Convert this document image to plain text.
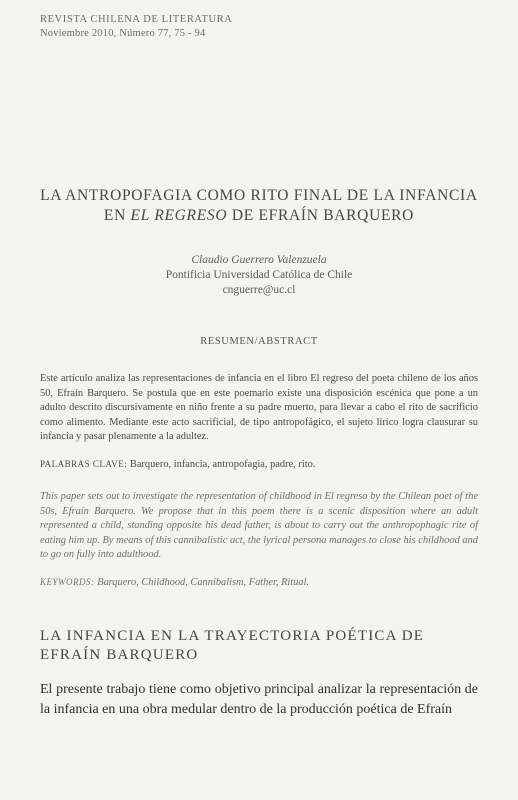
REVISTA CHILENA DE LITERATURA
Noviembre 2010, Número 77, 75 - 94
LA ANTROPOFAGIA COMO RITO FINAL DE LA INFANCIA EN EL REGRESO DE EFRAÍN BARQUERO
Claudio Guerrero Valenzuela
Pontificia Universidad Católica de Chile
cnguerre@uc.cl
RESUMEN/ABSTRACT
Este artículo analiza las representaciones de infancia en el libro El regreso del poeta chileno de los años 50, Efraín Barquero. Se postula que en este poemario existe una disposición escénica que pone a un adulto descrito discursivamente en niño frente a su padre muerto, para llevar a cabo el rito de sacrificio como alimento. Mediante este acto sacrificial, de tipo antropofágico, el sujeto lírico logra clausurar su infancia y pasar plenamente a la adultez.
PALABRAS CLAVE: Barquero, infancia, antropofagia, padre, rito.
This paper sets out to investigate the representation of childhood in El regreso by the Chilean poet of the 50s, Efraín Barquero. We propose that in this poem there is a scenic disposition where an adult represented a child, standing opposite his dead father, is about to carry out the anthropophagic rite of eating him up. By means of this cannibalistic act, the lyrical persona manages to close his childhood and to go on fully into adulthood.
KEYWORDS: Barquero, Childhood, Cannibalism, Father, Ritual.
LA INFANCIA EN LA TRAYECTORIA POÉTICA DE EFRAÍN BARQUERO
El presente trabajo tiene como objetivo principal analizar la representación de la infancia en una obra medular dentro de la producción poética de Efraín
